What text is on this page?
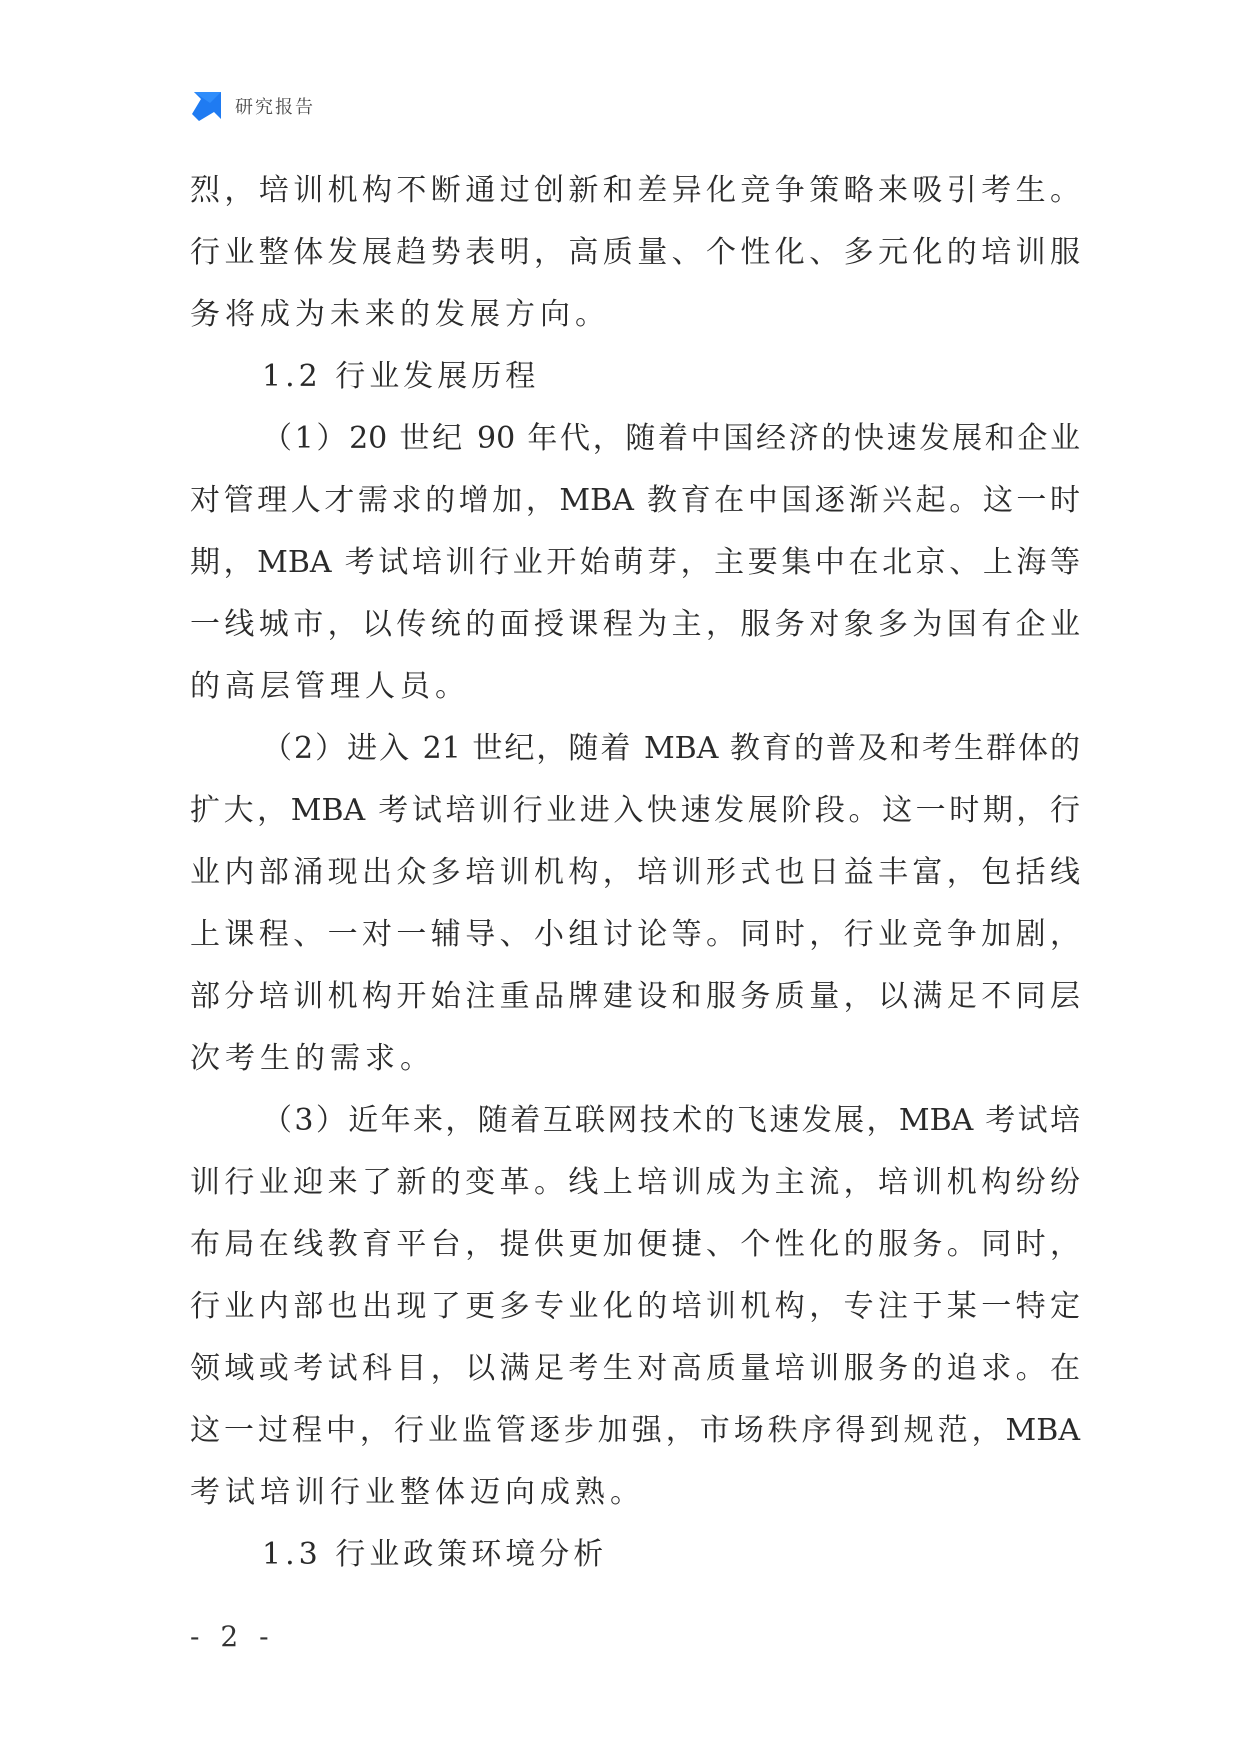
研究报告
烈，培训机构不断通过创新和差异化竞争策略来吸引考生。
行业整体发展趋势表明，高质量、个性化、多元化的培训服
务将成为未来的发展方向。
1.2 行业发展历程
（1）20 世纪 90 年代，随着中国经济的快速发展和企业
对管理人才需求的增加，MBA 教育在中国逐渐兴起。这一时
期，MBA 考试培训行业开始萌芽，主要集中在北京、上海等
一线城市，以传统的面授课程为主，服务对象多为国有企业
的高层管理人员。
（2）进入 21 世纪，随着 MBA 教育的普及和考生群体的
扩大，MBA 考试培训行业进入快速发展阶段。这一时期，行
业内部涌现出众多培训机构，培训形式也日益丰富，包括线
上课程、一对一辅导、小组讨论等。同时，行业竞争加剧，
部分培训机构开始注重品牌建设和服务质量，以满足不同层
次考生的需求。
（3）近年来，随着互联网技术的飞速发展，MBA 考试培
训行业迎来了新的变革。线上培训成为主流，培训机构纷纷
布局在线教育平台，提供更加便捷、个性化的服务。同时，
行业内部也出现了更多专业化的培训机构，专注于某一特定
领域或考试科目，以满足考生对高质量培训服务的追求。在
这一过程中，行业监管逐步加强，市场秩序得到规范，MBA
考试培训行业整体迈向成熟。
1.3 行业政策环境分析
- 2 -
